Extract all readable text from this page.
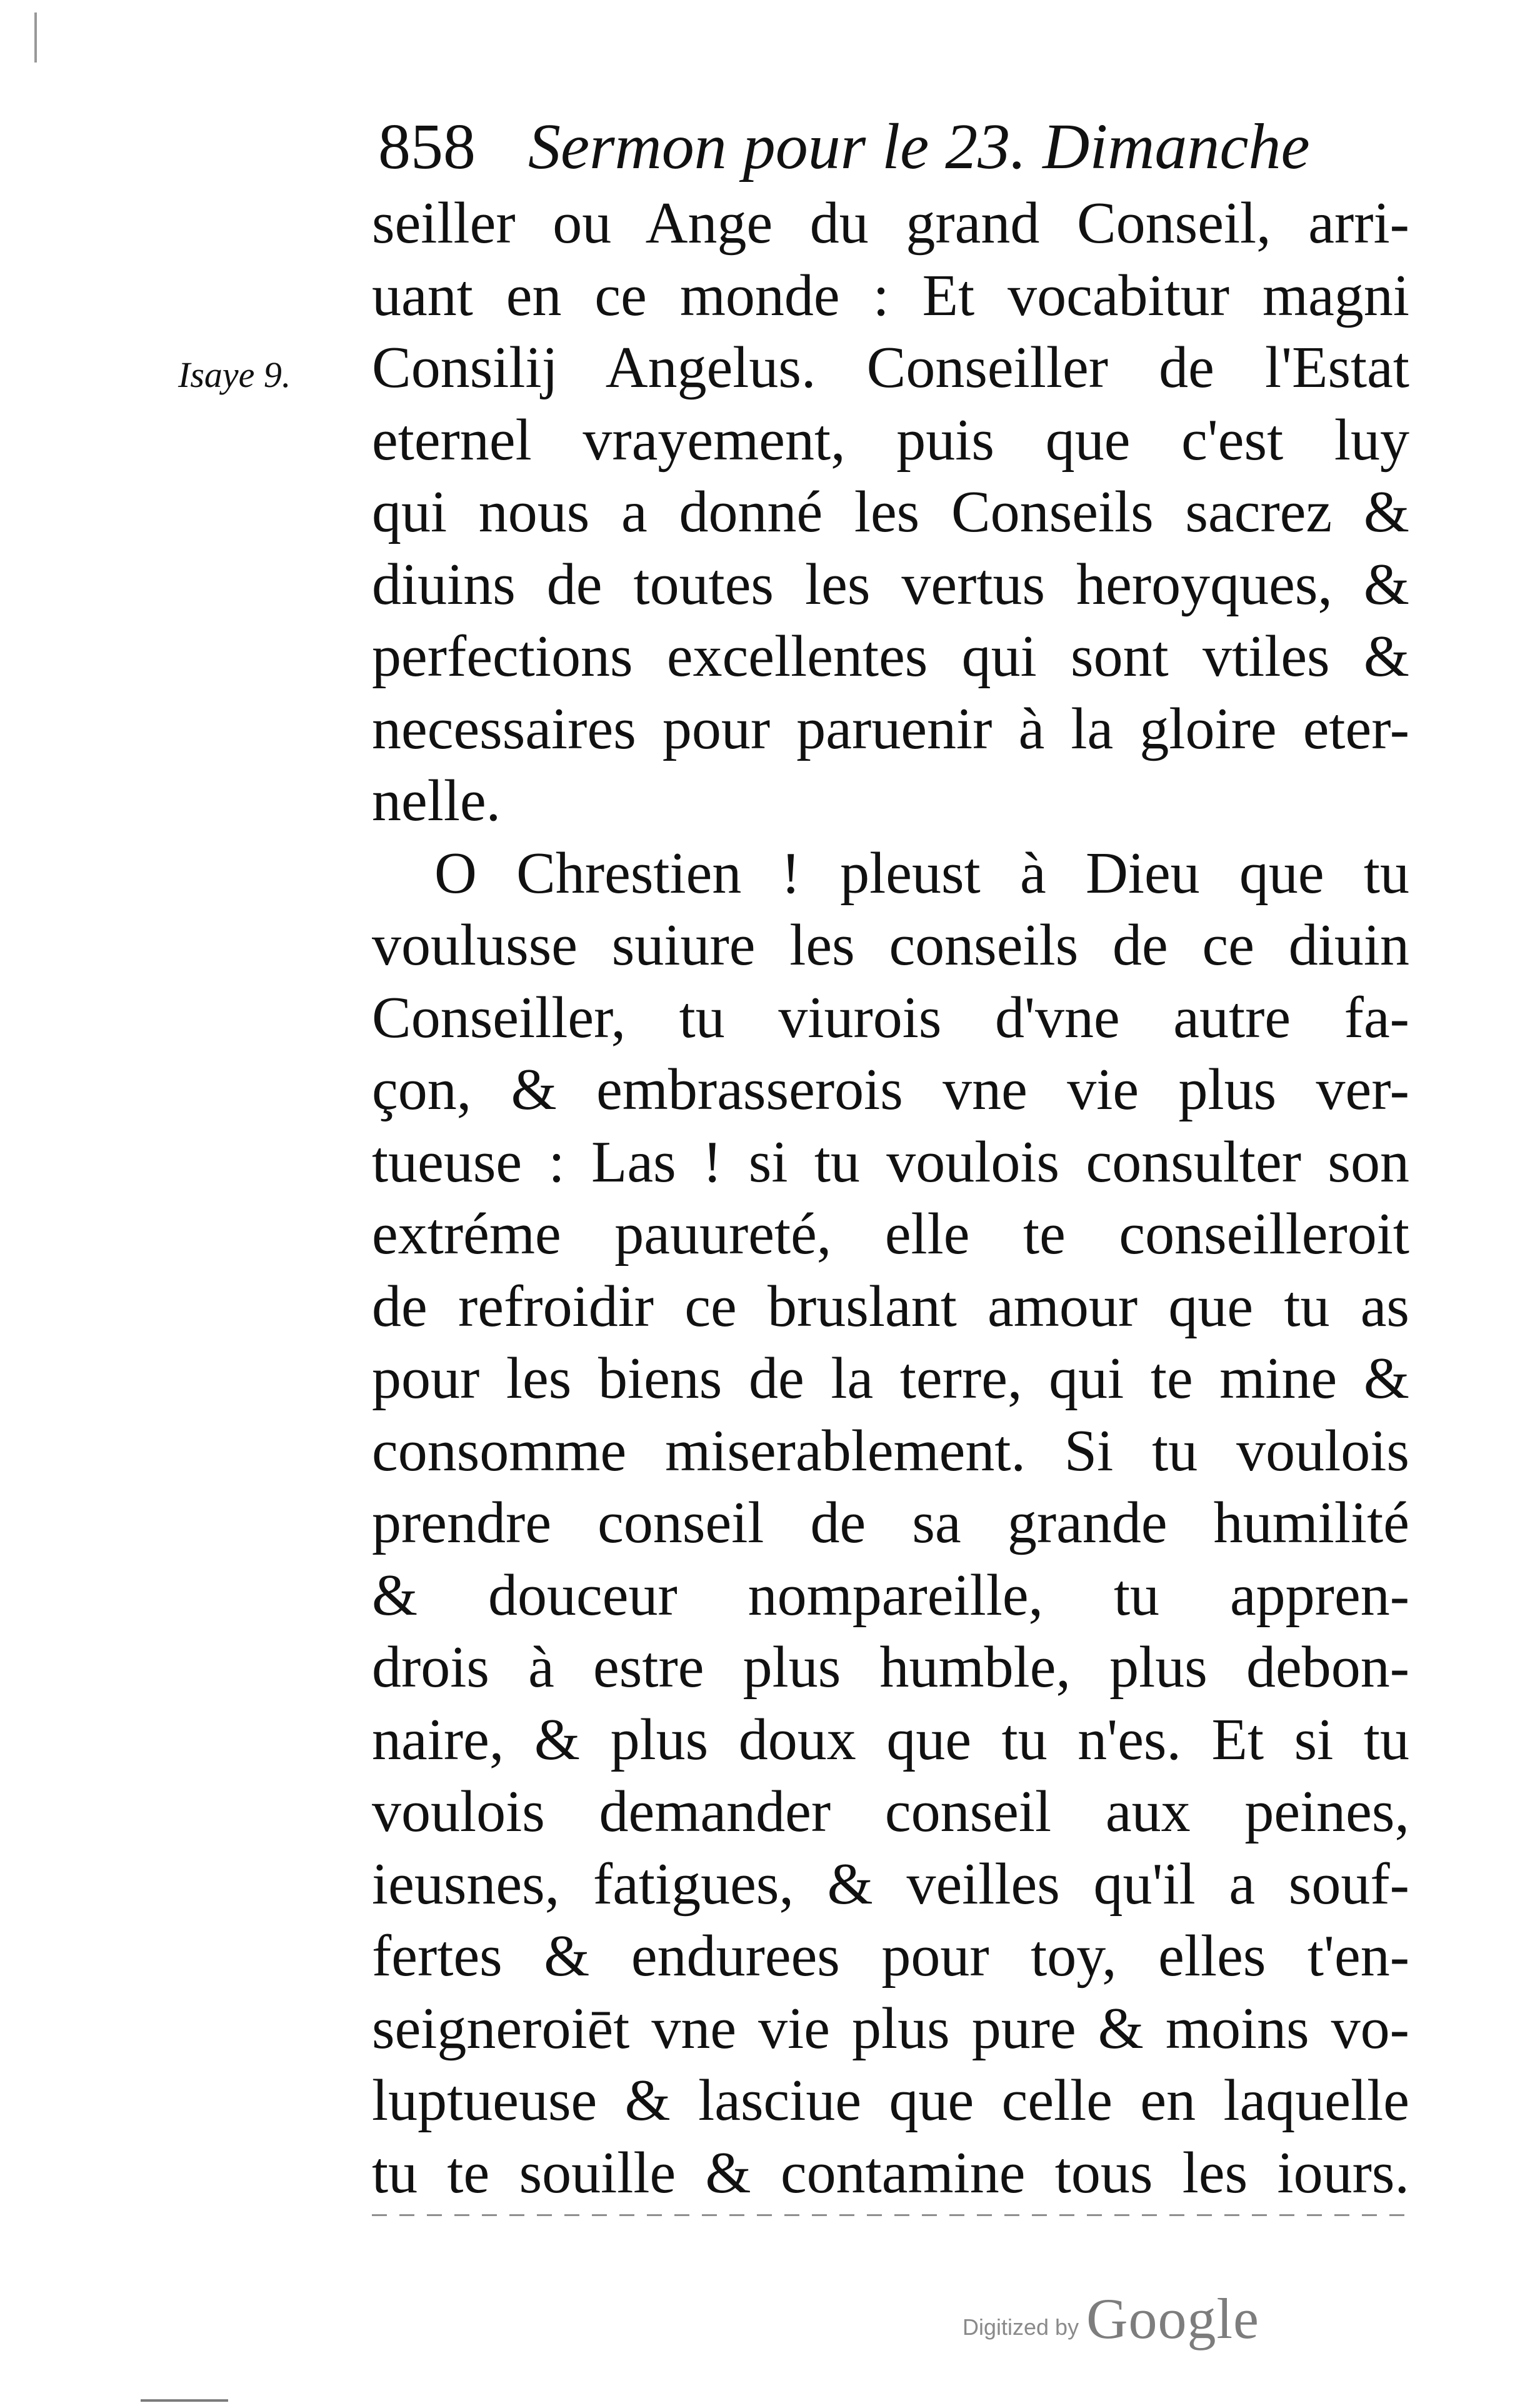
858 Sermon pour le 23. Dimanche
Isaye 9.
seiller ou Ange du grand Conseil, arri-
uant en ce monde : Et vocabitur magni
Consilij Angelus. Conseiller de l'Estat
eternel vrayement, puis que c'est luy
qui nous a donné les Conseils sacrez &
diuins de toutes les vertus heroyques, &
perfections excellentes qui sont vtiles &
necessaires pour paruenir à la gloire eter-
nelle.
O Chrestien ! pleust à Dieu que tu
voulusse suiure les conseils de ce diuin
Conseiller, tu viurois d'vne autre fa-
çon, & embrasserois vne vie plus ver-
tueuse : Las ! si tu voulois consulter son
extréme pauureté, elle te conseilleroit
de refroidir ce bruslant amour que tu as
pour les biens de la terre, qui te mine &
consomme miserablement. Si tu voulois
prendre conseil de sa grande humilité
& douceur nompareille, tu appren-
drois à estre plus humble, plus debon-
naire, & plus doux que tu n'es. Et si tu
voulois demander conseil aux peines,
ieusnes, fatigues, & veilles qu'il a souf-
fertes & endurees pour toy, elles t'en-
seigneroiēt vne vie plus pure & moins vo-
luptueuse & lasciue que celle en laquelle
tu te souille & contamine tous les iours.
Digitized by Google
